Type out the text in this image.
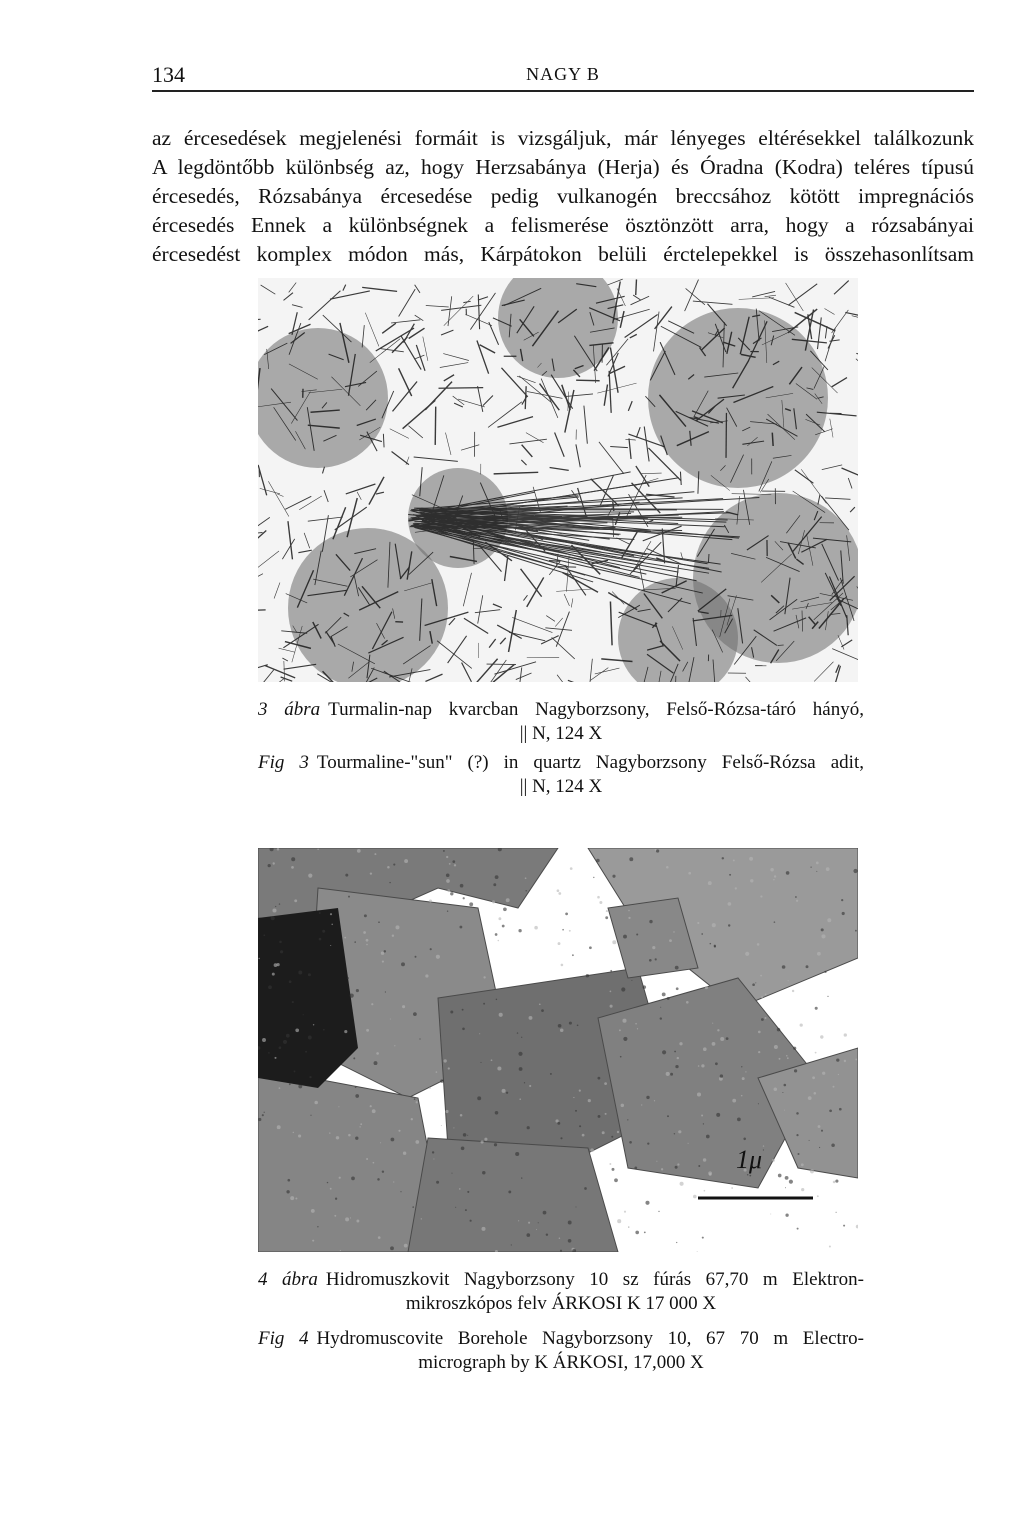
134	NAGY B
az ércesedések megjelenési formáit is vizsgáljuk, már lényeges eltérésekkel találkozunk
A legdöntőbb különbség az, hogy Herzsabánya (Herja) és Óradna (Kodra) teléres típusú
ércesedés, Rózsabánya ércesedése pedig vulkanogén breccsához kötött impregnációs
ércesedés Ennek a különbségnek a felismerése ösztönzött arra, hogy a rózsabányai
ércesedést komplex módon más, Kárpátokon belüli érctelepekkel is összehasonlítsam
3 ábra Turmalin-nap kvarcban Nagyborzsony, Felső-Rózsa-táró hányó,
|| N, 124 X
Fig 3 Tourmaline-"sun" (?) in quartz Nagyborzsony Felső-Rózsa adit,
|| N, 124 X
1μ
4 ábra Hidromuszkovit Nagyborzsony 10 sz fúrás 67,70 m Elektron-
mikroszkópos felv ÁRKOSI K 17 000 X
Fig 4 Hydromuscovite Borehole Nagyborzsony 10, 67 70 m Electro-
micrograph by K ÁRKOSI, 17,000 X
